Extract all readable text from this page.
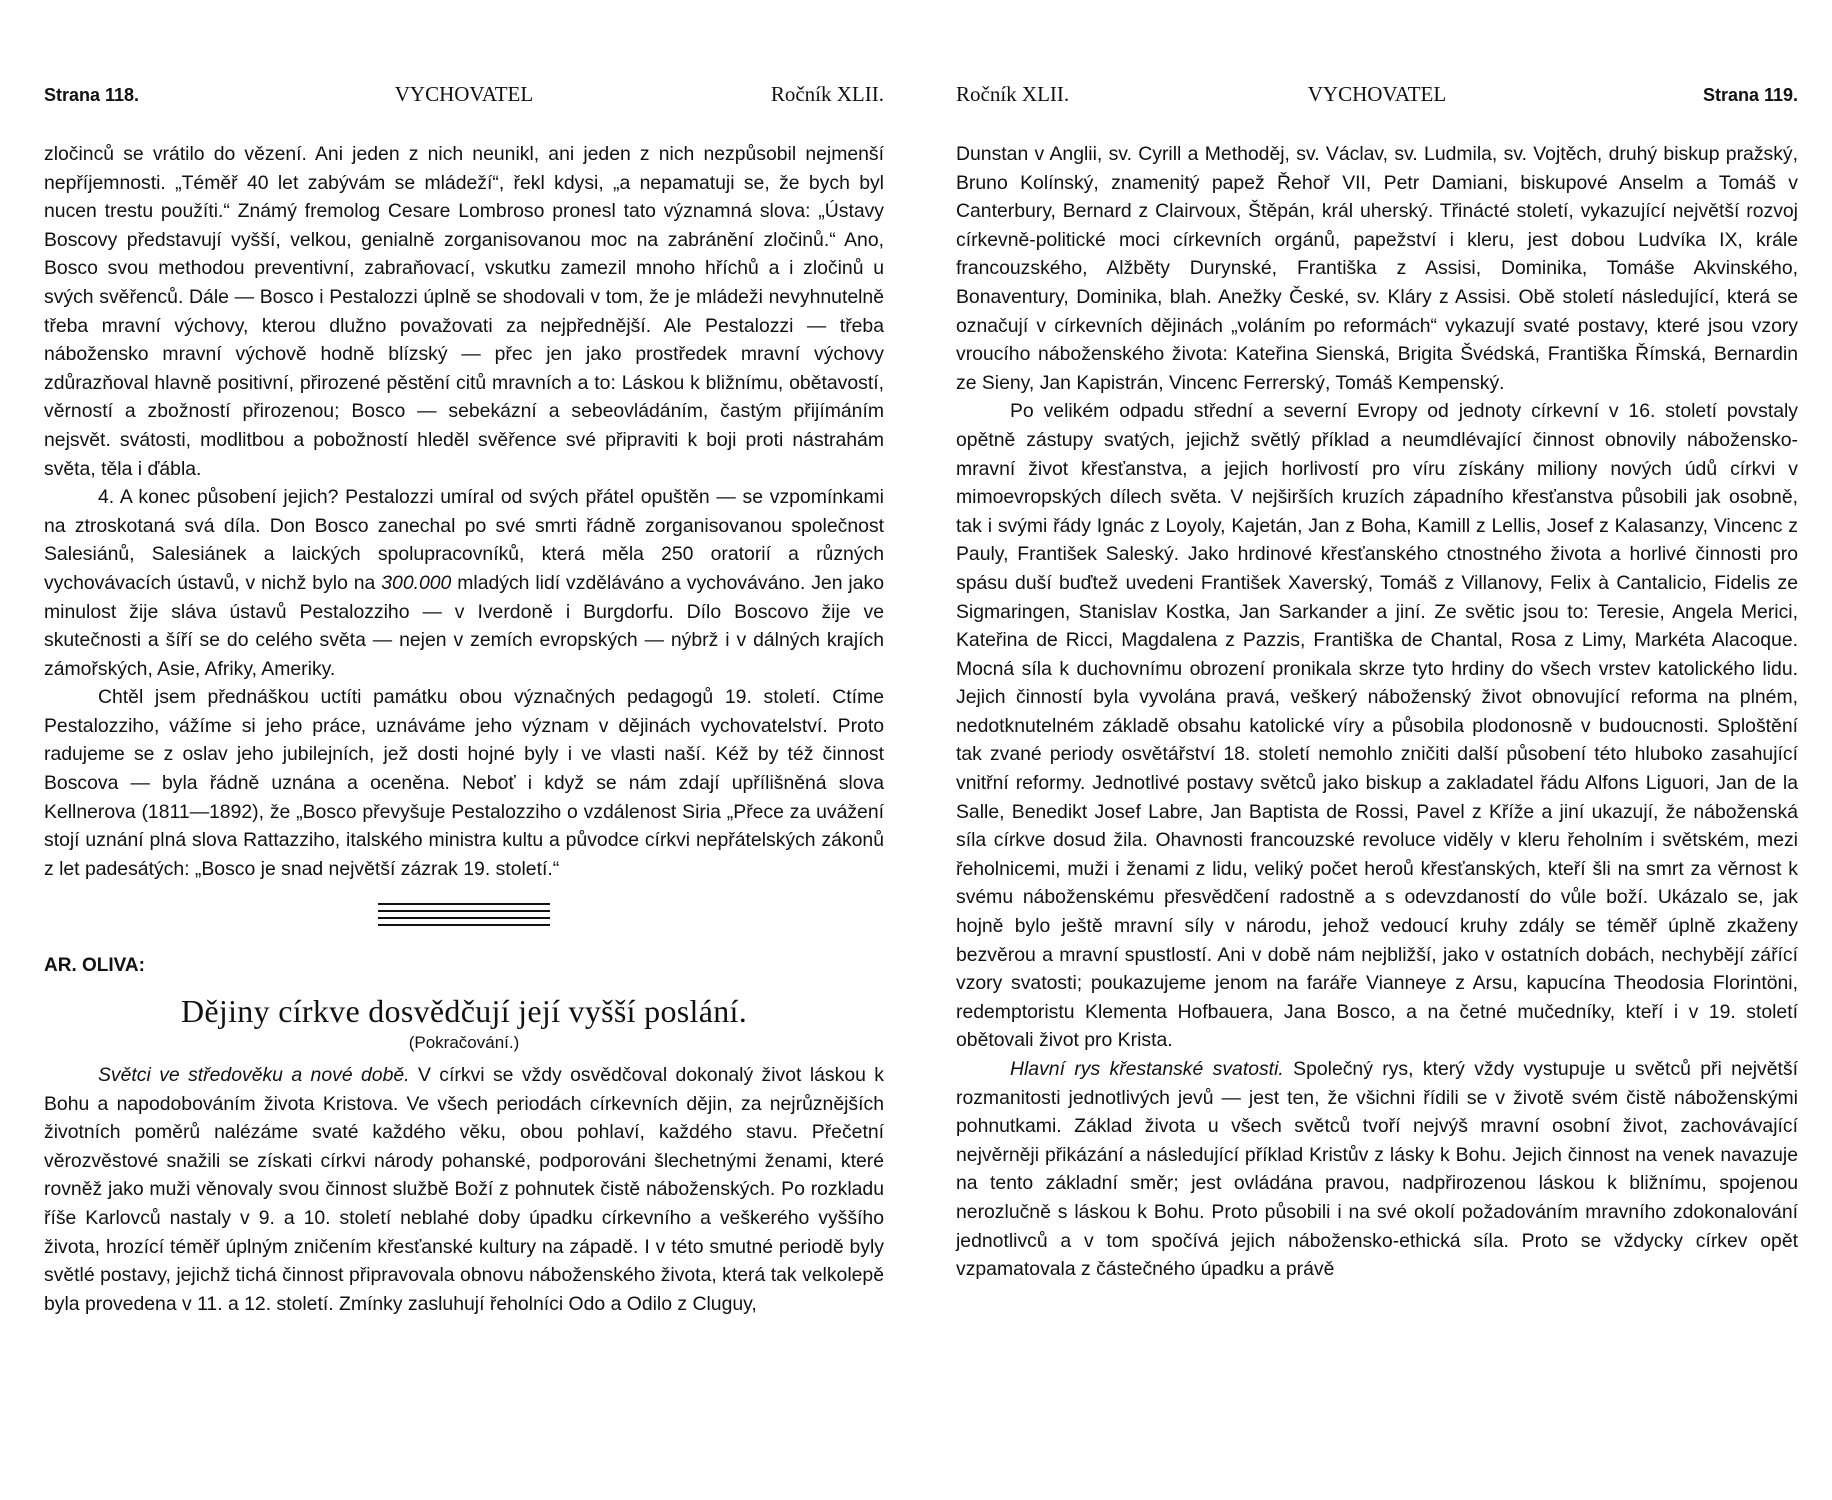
Strana 118.	VYCHOVATEL	Ročník XLII.

zločinců se vrátilo do vězení. Ani jeden z nich neunikl, ani jeden z nich nezpůsobil nejmenší nepříjemnosti. „Téměř 40 let zabývám se mládeží“, řekl kdysi, „a nepamatuji se, že bych byl nucen trestu použíti.“ Známý fremolog Cesare Lombroso pronesl tato významná slova: „Ústavy Boscovy představují vyšší, velkou, genialně zorganisovanou moc na zabránění zločinů.“ Ano, Bosco svou methodou preventivní, zabraňovací, vskutku zamezil mnoho hříchů a i zločinů u svých svěřenců. Dále — Bosco i Pestalozzi úplně se shodovali v tom, že je mládeži nevyhnutelně třeba mravní výchovy, kterou dlužno považovati za nejpřednější. Ale Pestalozzi — třeba nábožensko mravní výchově hodně blízský — přec jen jako prostředek mravní výchovy zdůrazňoval hlavně positivní, přirozené pěstění citů mravních a to: Láskou k bližnímu, obětavostí, věrností a zbožností přirozenou; Bosco — sebekázní a sebeovládáním, častým přijímáním nejsvět. svátosti, modlitbou a pobožností hleděl svěřence své připraviti k boji proti nástrahám světa, těla i ďábla.

4. A konec působení jejich? Pestalozzi umíral od svých přátel opuštěn — se vzpomínkami na ztroskotaná svá díla. Don Bosco zanechal po své smrti řádně zorganisovanou společnost Salesiánů, Salesiánek a laických spolupracovníků, která měla 250 oratorií a různých vychovávacích ústavů, v nichž bylo na 300.000 mladých lidí vzděláváno a vychováváno. Jen jako minulost žije sláva ústavů Pestalozziho — v Iverdoně i Burgdorfu. Dílo Boscovo žije ve skutečnosti a šíří se do celého světa — nejen v zemích evropských — nýbrž i v dálných krajích zámořských, Asie, Afriky, Ameriky.

Chtěl jsem přednáškou uctíti památku obou význačných pedagogů 19. století. Ctíme Pestalozziho, vážíme si jeho práce, uznáváme jeho význam v dějinách vychovatelství. Proto radujeme se z oslav jeho jubilejních, jež dosti hojné byly i ve vlasti naší. Kéž by též činnost Boscova — byla řádně uznána a oceněna. Neboť i když se nám zdají upřílišněná slova Kellnerova (1811—1892), že „Bosco převyšuje Pestalozziho o vzdálenost Siria „Přece za uvážení stojí uznání plná slova Rattazziho, italského ministra kultu a původce církvi nepřátelských zákonů z let padesátých: „Bosco je snad největší zázrak 19. století.“

AR. OLIVA:
Dějiny církve dosvědčují její vyšší poslání.
(Pokračování.)

Světci ve středověku a nové době. V církvi se vždy osvědčoval dokonalý život láskou k Bohu a napodobováním života Kristova. Ve všech periodách církevních dějin, za nejrůznějších životních poměrů nalézáme svaté každého věku, obou pohlaví, každého stavu. Přečetní věrozvěstové snažili se získati církvi národy pohanské, podporováni šlechetnými ženami, které rovněž jako muži věnovaly svou činnost službě Boží z pohnutek čistě náboženských. Po rozkladu říše Karlovců nastaly v 9. a 10. století neblahé doby úpadku církevního a veškerého vyššího života, hrozící téměř úplným zničením křesťanské kultury na západě. I v této smutné periodě byly světlé postavy, jejichž tichá činnost připravovala obnovu náboženského života, která tak velkolepě byla provedena v 11. a 12. století. Zmínky zasluhují řeholníci Odo a Odilo z Cluguy,

Ročník XLII.	VYCHOVATEL	Strana 119.

Dunstan v Anglii, sv. Cyrill a Methoděj, sv. Václav, sv. Ludmila, sv. Vojtěch, druhý biskup pražský, Bruno Kolínský, znamenitý papež Řehoř VII, Petr Damiani, biskupové Anselm a Tomáš v Canterbury, Bernard z Clairvoux, Štěpán, král uherský. Třinácté století, vykazující největší rozvoj církevně-politické moci církevních orgánů, papežství i kleru, jest dobou Ludvíka IX, krále francouzského, Alžběty Durynské, Františka z Assisi, Dominika, Tomáše Akvinského, Bonaventury, Dominika, blah. Anežky České, sv. Kláry z Assisi. Obě století následující, která se označují v církevních dějinách „voláním po reformách“ vykazují svaté postavy, které jsou vzory vroucího náboženského života: Kateřina Sienská, Brigita Švédská, Františka Římská, Bernardin ze Sieny, Jan Kapistrán, Vincenc Ferrerský, Tomáš Kempenský.

Po velikém odpadu střední a severní Evropy od jednoty církevní v 16. století povstaly opětně zástupy svatých, jejichž světlý příklad a neumdlévající činnost obnovily nábožensko-mravní život křesťanstva, a jejich horlivostí pro víru získány miliony nových údů církvi v mimoevropských dílech světa. V nejširších kruzích západního křesťanstva působili jak osobně, tak i svými řády Ignác z Loyoly, Kajetán, Jan z Boha, Kamill z Lellis, Josef z Kalasanzy, Vincenc z Pauly, František Saleský. Jako hrdinové křesťanského ctnostného života a horlivé činnosti pro spásu duší buďtež uvedeni František Xaverský, Tomáš z Villanovy, Felix à Cantalicio, Fidelis ze Sigmaringen, Stanislav Kostka, Jan Sarkander a jiní. Ze světic jsou to: Teresie, Angela Merici, Kateřina de Ricci, Magdalena z Pazzis, Františka de Chantal, Rosa z Limy, Markéta Alacoque. Mocná síla k duchovnímu obrození pronikala skrze tyto hrdiny do všech vrstev katolického lidu. Jejich činností byla vyvolána pravá, veškerý náboženský život obnovující reforma na plném, nedotknutelném základě obsahu katolické víry a působila plodonosně v budoucnosti. Sploštění tak zvané periody osvětářství 18. století nemohlo zničiti další působení této hluboko zasahující vnitřní reformy. Jednotlivé postavy světců jako biskup a zakladatel řádu Alfons Liguori, Jan de la Salle, Benedikt Josef Labre, Jan Baptista de Rossi, Pavel z Kříže a jiní ukazují, že náboženská síla církve dosud žila. Ohavnosti francouzské revoluce viděly v kleru řeholním i světském, mezi řeholnicemi, muži i ženami z lidu, veliký počet heroů křesťanských, kteří šli na smrt za věrnost k svému náboženskému přesvědčení radostně a s odevzdaností do vůle boží. Ukázalo se, jak hojně bylo ještě mravní síly v národu, jehož vedoucí kruhy zdály se téměř úplně zkaženy bezvěrou a mravní spustlostí. Ani v době nám nejbližší, jako v ostatních dobách, nechybějí zářící vzory svatosti; poukazujeme jenom na faráře Vianneye z Arsu, kapucína Theodosia Florintöni, redemptoristu Klementa Hofbauera, Jana Bosco, a na četné mučedníky, kteří i v 19. století obětovali život pro Krista.

Hlavní rys křestanské svatosti. Společný rys, který vždy vystupuje u světců při největší rozmanitosti jednotlivých jevů — jest ten, že všichni řídili se v životě svém čistě náboženskými pohnutkami. Základ života u všech světců tvoří nejvýš mravní osobní život, zachovávající nejvěrněji přikázání a následující příklad Kristův z lásky k Bohu. Jejich činnost na venek navazuje na tento základní směr; jest ovládána pravou, nadpřirozenou láskou k bližnímu, spojenou nerozlučně s láskou k Bohu. Proto působili i na své okolí požadováním mravního zdokonalování jednotlivců a v tom spočívá jejich nábožensko-ethická síla. Proto se vždycky církev opět vzpamatovala z částečného úpadku a právě
